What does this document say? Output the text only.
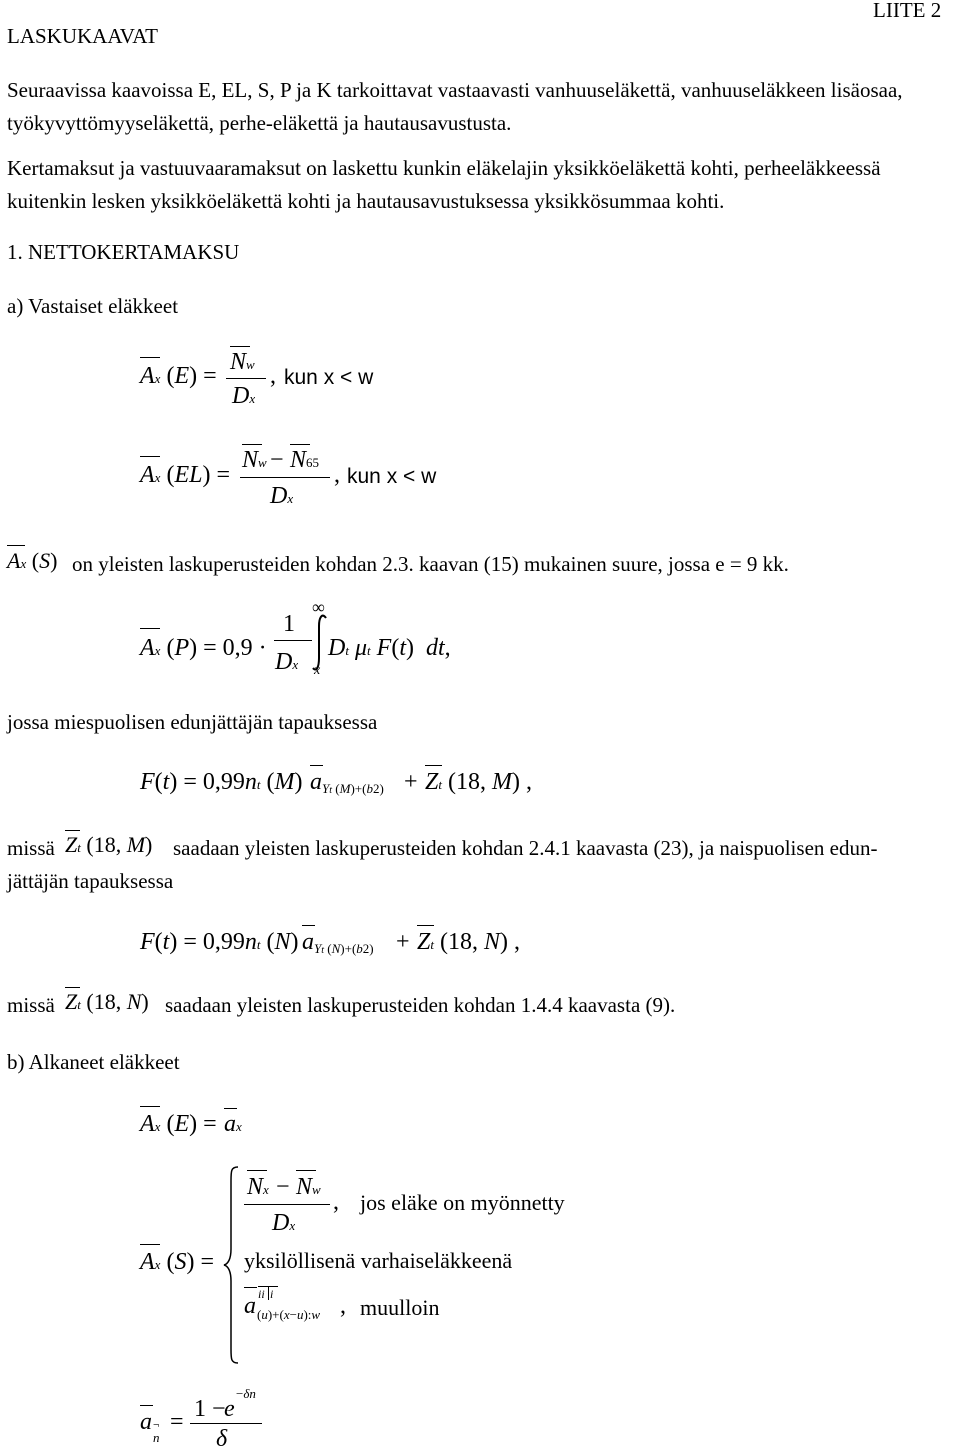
LASKUKAAVAT
LIITE 2
Seuraavissa kaavoissa E, EL, S, P ja K tarkoittavat vastaavasti vanhuuseläkettä, vanhuuseläkkeen lisäosaa, työkyvyttömyyseläkettä, perhe-eläkettä ja hautausavustusta.
Kertamaksut ja vastuuvaaramaksut on laskettu kunkin eläkelajin yksikköeläkettä kohti, perheeläkkeessä kuitenkin lesken yksikköeläkettä kohti ja hautausavustuksessa yksikkösummaa kohti.
1. NETTOKERTAMAKSU
a) Vastaiset eläkkeet
Ax (E) =
Nw
Dx
, kun x < w
Ax (EL) =
Nw − N65
Dx
, kun x < w
Ax (S) on yleisten laskuperusteiden kohdan 2.3. kaavan (15) mukainen suure, jossa e = 9 kk.
Ax (P) = 0,9 ·
1
Dx
∞
x
Dt μt F(t)  dt,
jossa miespuolisen edunjättäjän tapauksessa
F(t) = 0,99nt (M) a Yt (M)+(b2) + Zt (18, M) ,
missä Zt (18, M) saadaan yleisten laskuperusteiden kohdan 2.4.1 kaavasta (23), ja naispuolisen edun-
jättäjän tapauksessa
F(t) = 0,99nt (N) a Yt (N)+(b2) + Zt (18, N) ,
missä Zt (18, N) saadaan yleisten laskuperusteiden kohdan 1.4.4 kaavasta (9).
b) Alkaneet eläkkeet
Ax (E) = ax
Ax (S) =
Nx − Nw
Dx
, jos eläke on myönnetty
yksilöllisenä varhaiseläkkeenä
a ii i
(u)+(x−u):w , muulloin
a ¬
n
= 1 −
e
−δn
δ
